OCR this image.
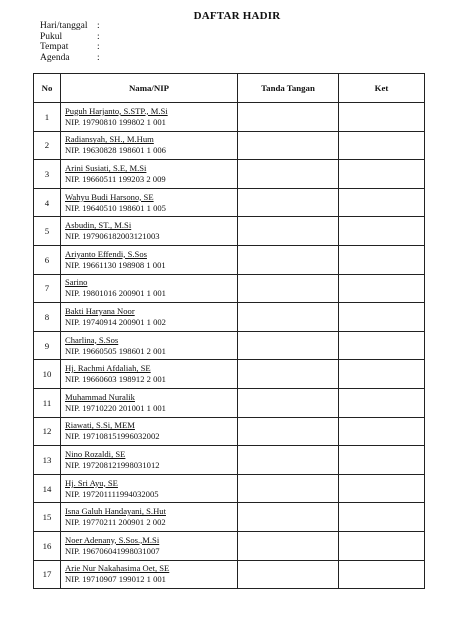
DAFTAR HADIR
Hari/tanggal	:
Pukul	:
Tempat	:
Agenda	:
No	Nama/NIP	Tanda Tangan	Ket
1	Puguh Harjanto, S.STP., M.Si
NIP. 19790810 199802 1 001		

2	Radiansyah, SH., M.Hum
NIP. 19630828 198601 1 006		

3	Arini Susiati, S.E, M.Si
NIP. 19660511 199203 2 009		

4	Wahyu Budi Harsono, SE
NIP. 19640510 198601 1 005		

5	Asbudin, ST., M.Si
NIP. 197906182003121003		

6	Ariyanto Effendi, S.Sos
NIP. 19661130 198908 1 001		

7	Sarino
NIP. 19801016 200901 1 001		

8	Bakti Haryana Noor
NIP. 19740914 200901 1 002		

9	Charlina, S.Sos
NIP. 19660505 198601 2 001		

10	Hj. Rachmi Afdaliah, SE
NIP. 19660603 198912 2 001		

11	Muhammad Nuralik
NIP. 19710220 201001 1 001		

12	Riawati, S.Si, MEM
NIP. 197108151996032002		

13	Nino Rozaldi, SE
NIP. 197208121998031012		

14	Hj. Sri Ayu, SE
NIP. 197201111994032005		

15	Isna Galuh Handayani, S.Hut
NIP. 19770211 200901 2 002		

16	Noer Adenany, S.Sos.,M.Si
NIP. 196706041998031007		

17	Arie Nur Nakahasima Oet, SE
NIP. 19710907 199012 1 001		
